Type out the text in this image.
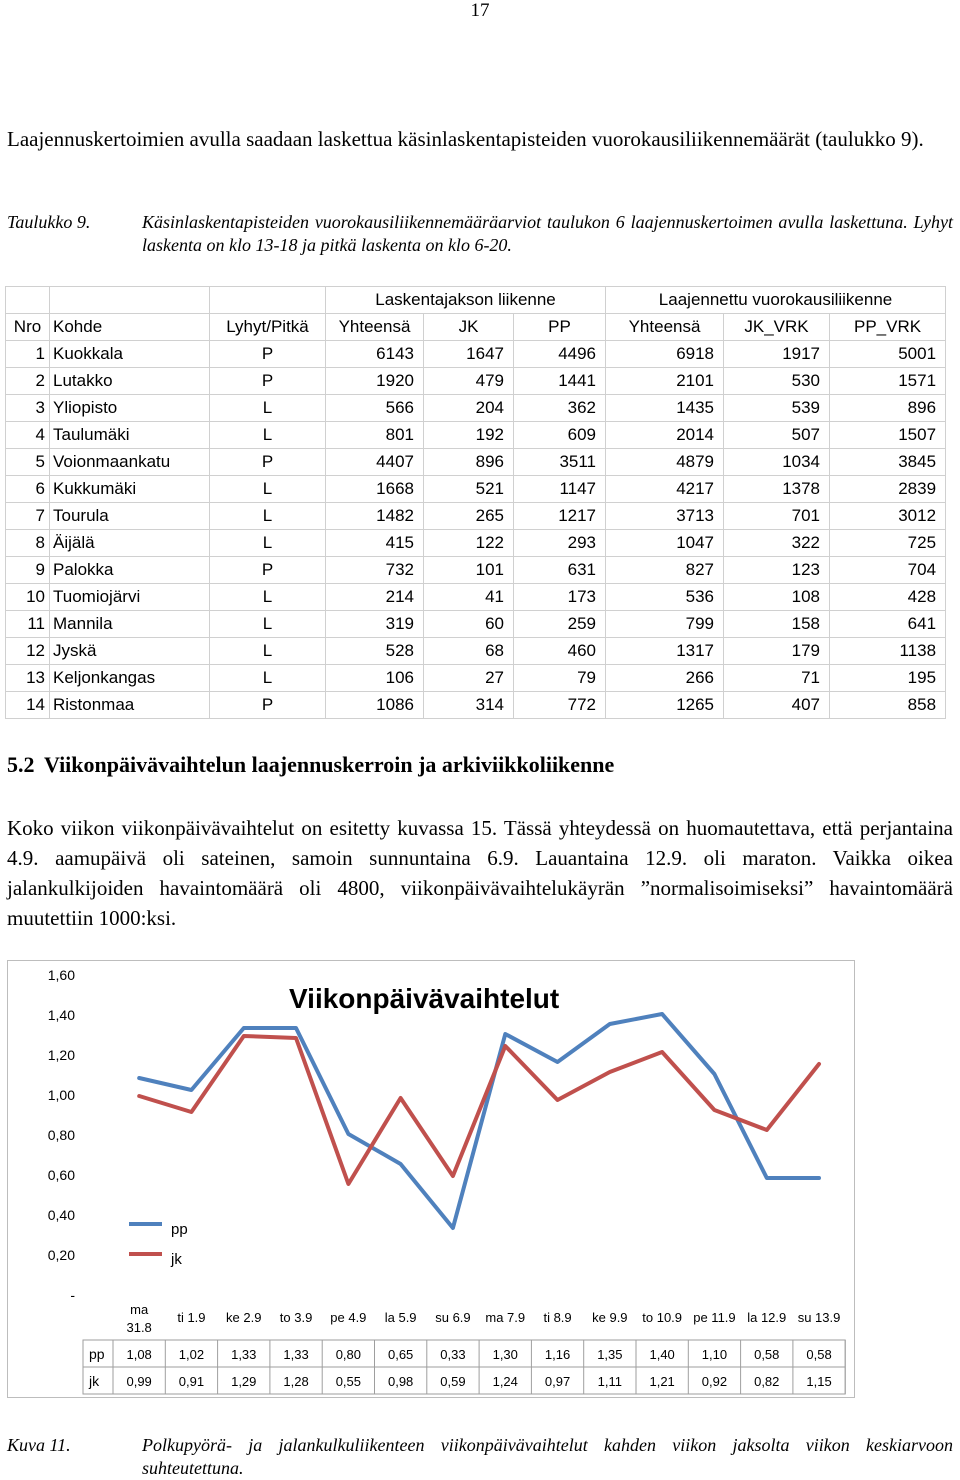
17
Laajennuskertoimien avulla saadaan laskettua käsinlaskentapisteiden vuorokausiliikennemäärät (taulukko 9).
Taulukko 9.	Käsinlaskentapisteiden vuorokausiliikennemääräarviot taulukon 6 laajennuskertoimen avulla laskettuna. Lyhyt laskenta on klo 13-18 ja pitkä laskenta on klo 6-20.
			Laskentajakson liikenne			Laajennettu vuorokausiliikenne		
Nro	Kohde	Lyhyt/Pitkä	Yhteensä	JK	PP	Yhteensä	JK_VRK	PP_VRK
1	Kuokkala	P	6143	1647	4496	6918	1917	5001
2	Lutakko	P	1920	479	1441	2101	530	1571
3	Yliopisto	L	566	204	362	1435	539	896
4	Taulumäki	L	801	192	609	2014	507	1507
5	Voionmaankatu	P	4407	896	3511	4879	1034	3845
6	Kukkumäki	L	1668	521	1147	4217	1378	2839
7	Tourula	L	1482	265	1217	3713	701	3012
8	Äijälä	L	415	122	293	1047	322	725
9	Palokka	P	732	101	631	827	123	704
10	Tuomiojärvi	L	214	41	173	536	108	428
11	Mannila	L	319	60	259	799	158	641
12	Jyskä	L	528	68	460	1317	179	1138
13	Keljonkangas	L	106	27	79	266	71	195
14	Ristonmaa	P	1086	314	772	1265	407	858
5.2 Viikonpäivävaihtelun laajennuskerroin ja arkiviikkoliikenne
Koko viikon viikonpäivävaihtelut on esitetty kuvassa 15. Tässä yhteydessä on huomautettava, että perjantaina 4.9. aamupäivä oli sateinen, samoin sunnuntaina 6.9. Lauantaina 12.9. oli maraton. Vaikka oikea jalankulkijoiden havaintomäärä oli 4800, viikonpäivävaihtelukäyrän ”normalisoimiseksi” havaintomäärä muutettiin 1000:ksi.
Viikonpäivävaihtelut
-
0,20
0,40
0,60
0,80
1,00
1,20
1,40
1,60
ma
31.8
ti 1.9 ke 2.9 to 3.9 pe 4.9 la 5.9 su 6.9 ma 7.9 ti 8.9 ke 9.9 to 10.9 pe 11.9 la 12.9 su 13.9
pp
jk
pp 1,08 1,02 1,33 1,33 0,80 0,65 0,33 1,30 1,16 1,35 1,40 1,10 0,58 0,58
jk 0,99 0,91 1,29 1,28 0,55 0,98 0,59 1,24 0,97 1,11 1,21 0,92 0,82 1,15
Kuva 11.	Polkupyörä- ja jalankulkuliikenteen viikonpäivävaihtelut kahden viikon jaksolta viikon keskiarvoon suhteutettuna.
